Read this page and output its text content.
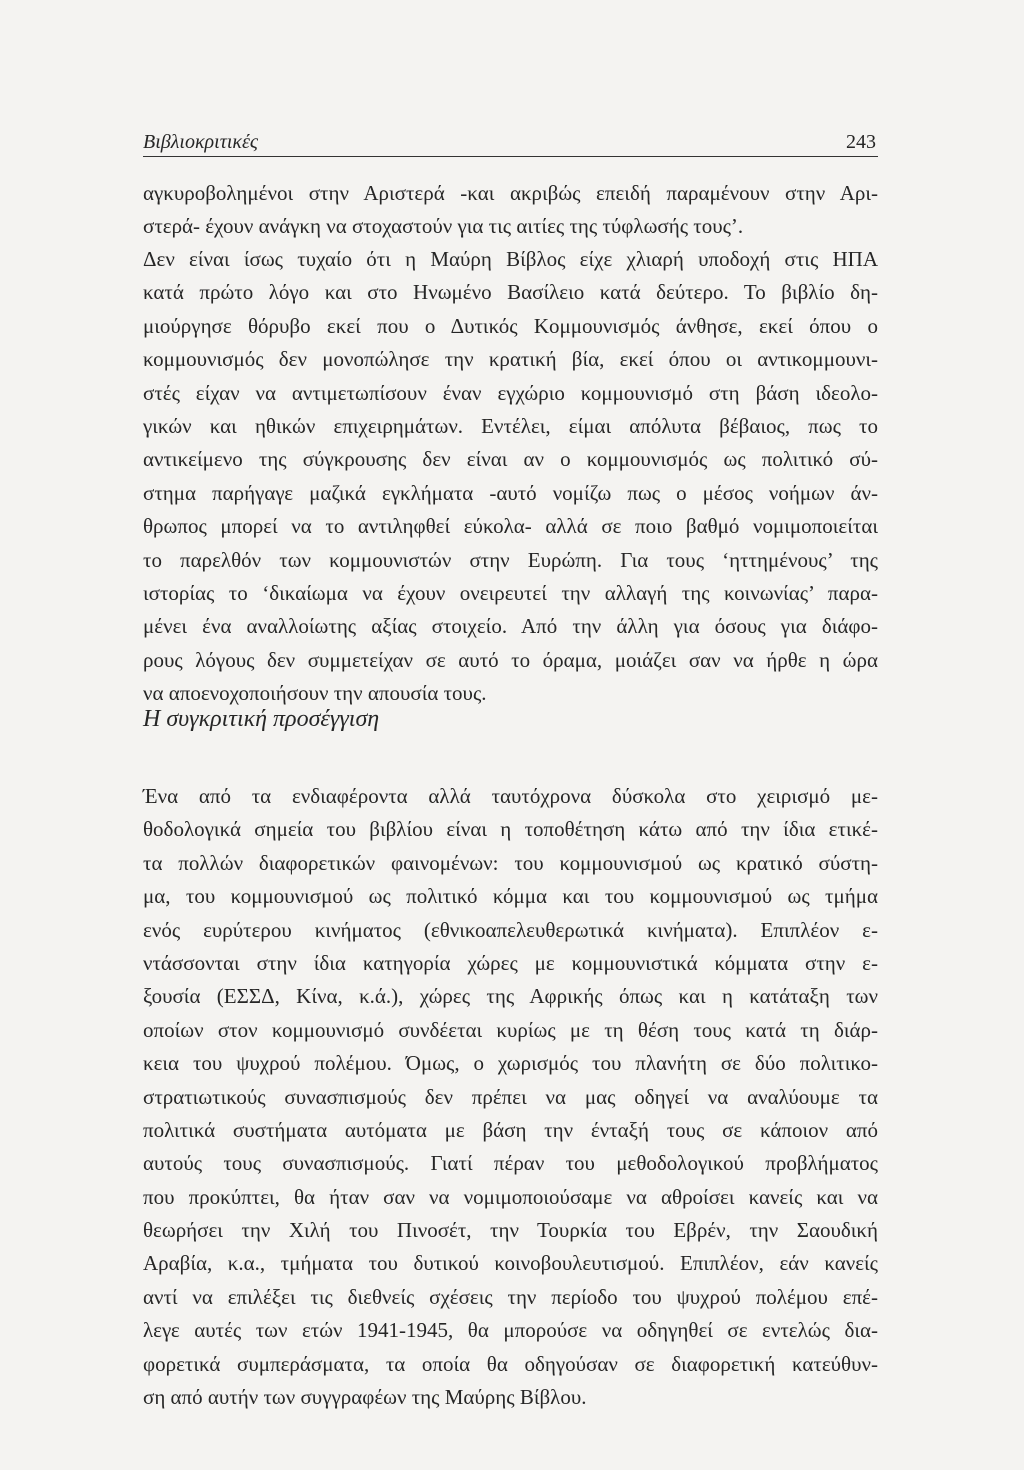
Βιβλιοκριτικές	243

αγκυροβολημένοι στην Αριστερά -και ακριβώς επειδή παραμένουν στην Αρι-
στερά- έχουν ανάγκη να στοχαστούν για τις αιτίες της τύφλωσής τους’.

Δεν είναι ίσως τυχαίο ότι η Μαύρη Βίβλος είχε χλιαρή υποδοχή στις ΗΠΑ
κατά πρώτο λόγο και στο Ηνωμένο Βασίλειο κατά δεύτερο. Το βιβλίο δη-
μιούργησε θόρυβο εκεί που ο Δυτικός Κομμουνισμός άνθησε, εκεί όπου ο
κομμουνισμός δεν μονοπώλησε την κρατική βία, εκεί όπου οι αντικομμουνι-
στές είχαν να αντιμετωπίσουν έναν εγχώριο κομμουνισμό στη βάση ιδεολο-
γικών και ηθικών επιχειρημάτων. Εντέλει, είμαι απόλυτα βέβαιος, πως το
αντικείμενο της σύγκρουσης δεν είναι αν ο κομμουνισμός ως πολιτικό σύ-
στημα παρήγαγε μαζικά εγκλήματα -αυτό νομίζω πως ο μέσος νοήμων άν-
θρωπος μπορεί να το αντιληφθεί εύκολα- αλλά σε ποιο βαθμό νομιμοποιείται
το παρελθόν των κομμουνιστών στην Ευρώπη. Για τους ‘ηττημένους’ της
ιστορίας το ‘δικαίωμα να έχουν ονειρευτεί την αλλαγή της κοινωνίας’ παρα-
μένει ένα αναλλοίωτης αξίας στοιχείο. Από την άλλη για όσους για διάφο-
ρους λόγους δεν συμμετείχαν σε αυτό το όραμα, μοιάζει σαν να ήρθε η ώρα
να αποενοχοποιήσουν την απουσία τους.

Η συγκριτική προσέγγιση

Ένα από τα ενδιαφέροντα αλλά ταυτόχρονα δύσκολα στο χειρισμό με-
θοδολογικά σημεία του βιβλίου είναι η τοποθέτηση κάτω από την ίδια ετικέ-
τα πολλών διαφορετικών φαινομένων: του κομμουνισμού ως κρατικό σύστη-
μα, του κομμουνισμού ως πολιτικό κόμμα και του κομμουνισμού ως τμήμα
ενός ευρύτερου κινήματος (εθνικοαπελευθερωτικά κινήματα). Επιπλέον ε-
ντάσσονται στην ίδια κατηγορία χώρες με κομμουνιστικά κόμματα στην ε-
ξουσία (ΕΣΣΔ, Κίνα, κ.ά.), χώρες της Αφρικής όπως και η κατάταξη των
οποίων στον κομμουνισμό συνδέεται κυρίως με τη θέση τους κατά τη διάρ-
κεια του ψυχρού πολέμου. Όμως, ο χωρισμός του πλανήτη σε δύο πολιτικο-
στρατιωτικούς συνασπισμούς δεν πρέπει να μας οδηγεί να αναλύουμε τα
πολιτικά συστήματα αυτόματα με βάση την ένταξή τους σε κάποιον από
αυτούς τους συνασπισμούς. Γιατί πέραν του μεθοδολογικού προβλήματος
που προκύπτει, θα ήταν σαν να νομιμοποιούσαμε να αθροίσει κανείς και να
θεωρήσει την Χιλή του Πινοσέτ, την Τουρκία του Εβρέν, την Σαουδική
Αραβία, κ.α., τμήματα του δυτικού κοινοβουλευτισμού. Επιπλέον, εάν κανείς
αντί να επιλέξει τις διεθνείς σχέσεις την περίοδο του ψυχρού πολέμου επέ-
λεγε αυτές των ετών 1941-1945, θα μπορούσε να οδηγηθεί σε εντελώς δια-
φορετικά συμπεράσματα, τα οποία θα οδηγούσαν σε διαφορετική κατεύθυν-
ση από αυτήν των συγγραφέων της Μαύρης Βίβλου.
